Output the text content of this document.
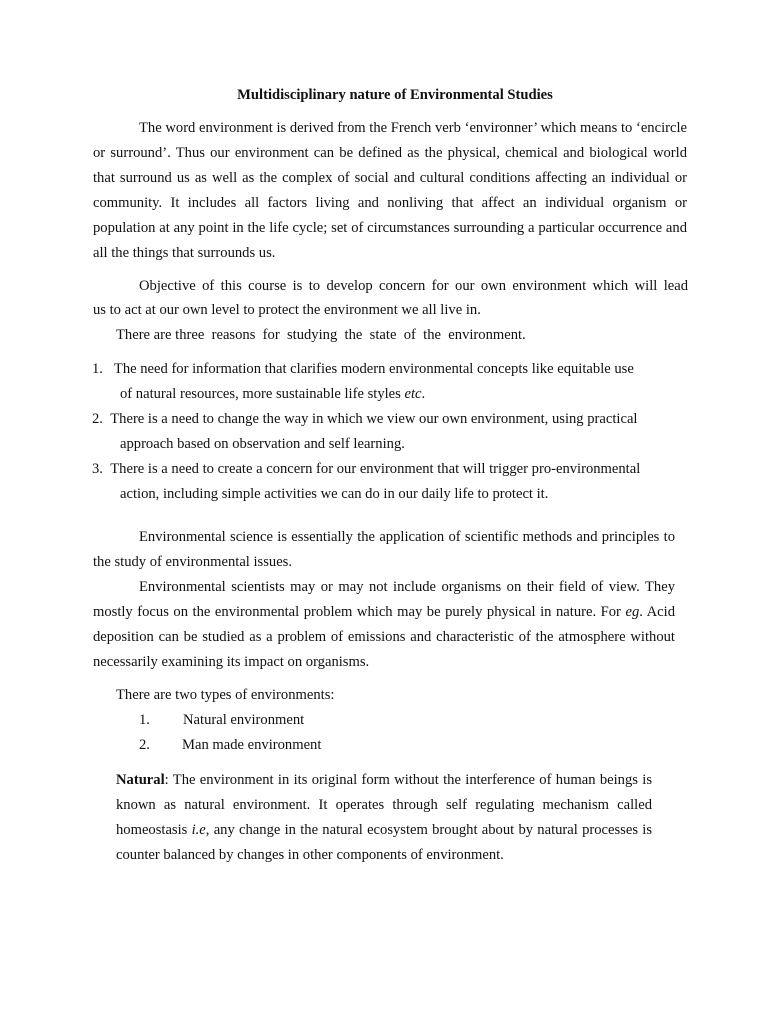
Multidisciplinary nature of Environmental Studies
The word environment is derived from the French verb ‘environner’ which means to ‘encircle or surround’. Thus our environment can be defined as the physical, chemical and biological world that surround us as well as the complex of social and cultural conditions affecting an individual or community. It includes all factors living and nonliving that affect an individual organism or population at any point in the life cycle; set of circumstances surrounding a particular occurrence and all the things that surrounds us.
Objective of this course is to develop concern for our own environment which will lead
us to act at our own level to protect the environment we all live in.
There are three  reasons  for  studying  the  state  of  the  environment.
1. The need for information that clarifies modern environmental concepts like equitable use
of natural resources, more sustainable life styles etc.
2. There is a need to change the way in which we view our own environment, using practical
approach based on observation and self learning.
3. There is a need to create a concern for our environment that will trigger pro-environmental
action, including simple activities we can do in our daily life to protect it.
Environmental science is essentially the application of scientific methods and principles to the study of environmental issues.
Environmental scientists may or may not include organisms on their field of view. They mostly focus on the environmental problem which may be purely physical in nature. For eg. Acid deposition can be studied as a problem of emissions and characteristic of the atmosphere without necessarily examining its impact on organisms.
There are two types of environments:
1. Natural environment
2. Man made environment
Natural: The environment in its original form without the interference of human beings is known as natural environment. It operates through self regulating mechanism called homeostasis i.e, any change in the natural ecosystem brought about by natural processes is counter balanced by changes in other components of environment.
